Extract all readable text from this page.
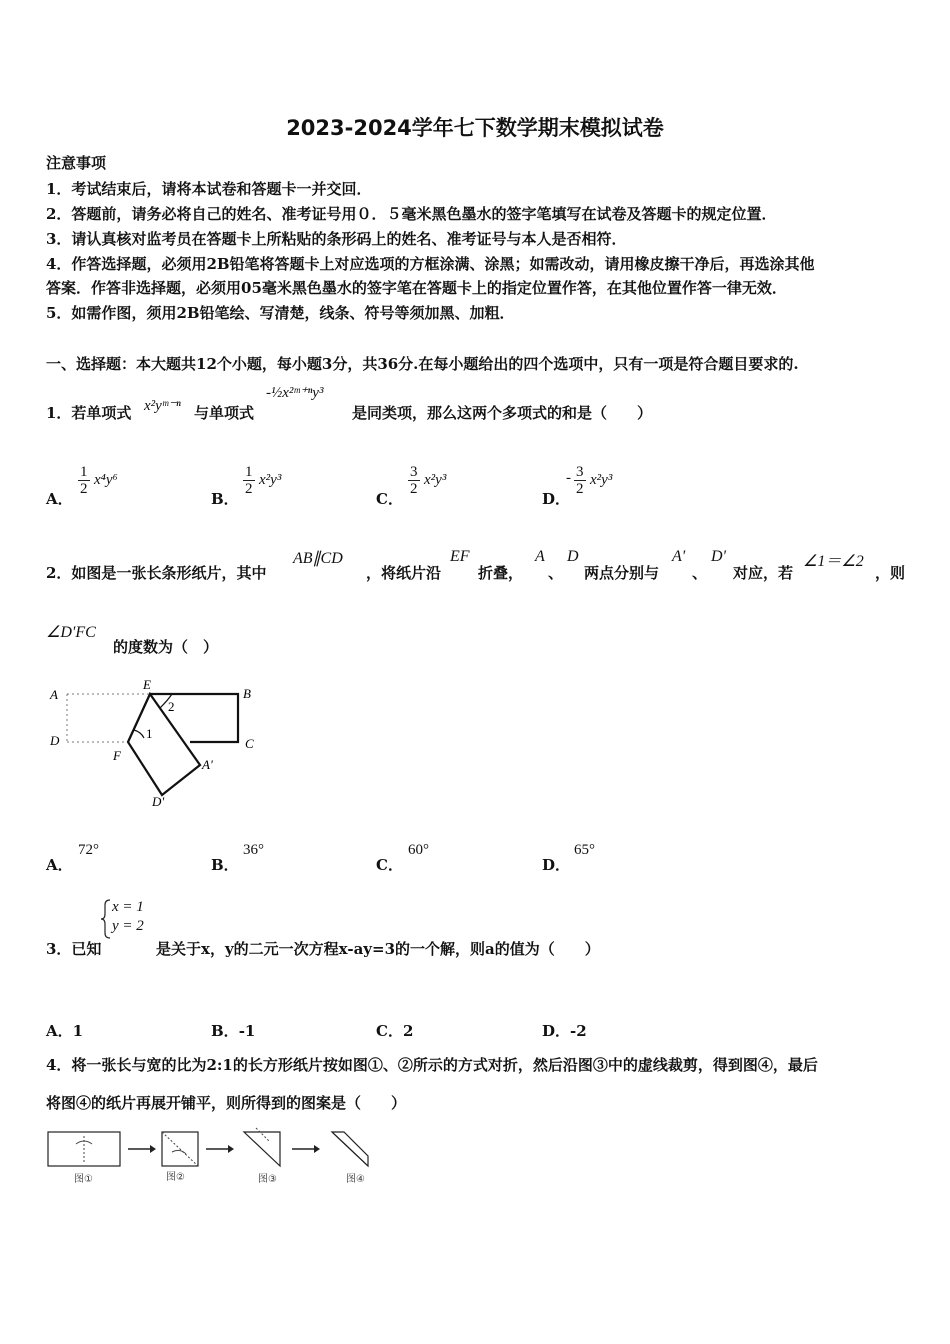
2023-2024学年七下数学期末模拟试卷
注意事项
1．考试结束后，请将本试卷和答题卡一并交回．
2．答题前，请务必将自己的姓名、准考证号用０．５毫米黑色墨水的签字笔填写在试卷及答题卡的规定位置．
3．请认真核对监考员在答题卡上所粘贴的条形码上的姓名、准考证号与本人是否相符．
4．作答选择题，必须用2B铅笔将答题卡上对应选项的方框涂满、涂黑；如需改动，请用橡皮擦干净后，再选涂其他
答案．作答非选择题，必须用05毫米黑色墨水的签字笔在答题卡上的指定位置作答，在其他位置作答一律无效．
5．如需作图，须用2B铅笔绘、写清楚，线条、符号等须加黑、加粗．
一、选择题：本大题共12个小题，每小题3分，共36分.在每小题给出的四个选项中，只有一项是符合题目要求的.
1．若单项式 x²yᵐ⁻ⁿ 与单项式
-½x²ᵐ⁺ⁿy³
是同类项，那么这两个多项式的和是（　　）
A．
$\frac{1}{2} x^4y^6$
B．
$\frac{1}{2} x^2y^3$
C．
$\frac{3}{2} x^2y^3$
D．
- $\frac{3}{2} x^2y^3$
2．如图是一张长条形纸片，其中
AB∥CD
，将纸片沿
EF
折叠，
A
、
D
两点分别与
A'
、
D'
对应，若
∠1＝∠2
，则
∠D'FC
的度数为（　）
A
D
E
B
C
F
A'
D'
2
1
A．
72°
B．
36°
C．
60°
D．
65°
3．已知
x = 1
y = 2
是关于x，y的二元一次方程x-ay=3的一个解，则a的值为（　　）
A．1	B．-1	C．2	D．-2
4．将一张长与宽的比为2:1的长方形纸片按如图①、②所示的方式对折，然后沿图③中的虚线裁剪，得到图④，最后
将图④的纸片再展开铺平，则所得到的图案是（　　）
图①	图②	图③	图④
